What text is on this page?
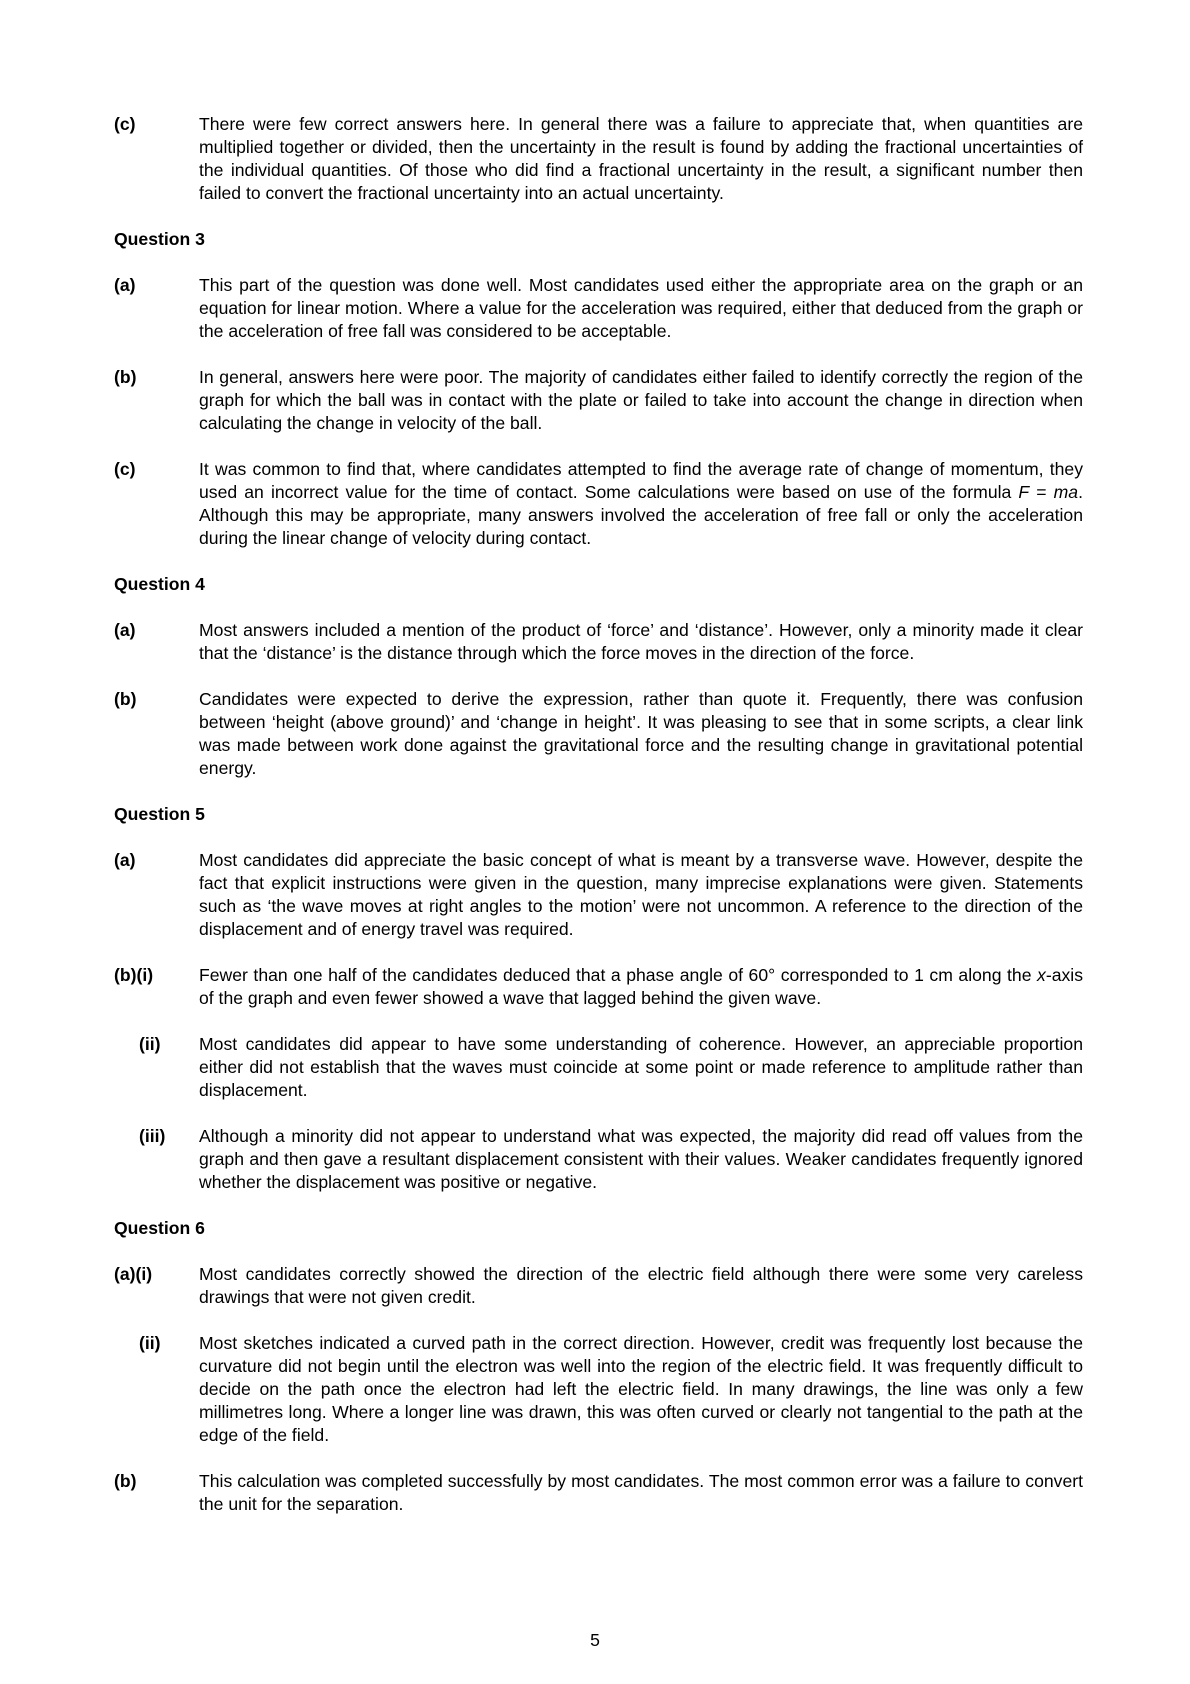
(c)	There were few correct answers here. In general there was a failure to appreciate that, when quantities are multiplied together or divided, then the uncertainty in the result is found by adding the fractional uncertainties of the individual quantities. Of those who did find a fractional uncertainty in the result, a significant number then failed to convert the fractional uncertainty into an actual uncertainty.
Question 3
(a)	This part of the question was done well. Most candidates used either the appropriate area on the graph or an equation for linear motion. Where a value for the acceleration was required, either that deduced from the graph or the acceleration of free fall was considered to be acceptable.
(b)	In general, answers here were poor. The majority of candidates either failed to identify correctly the region of the graph for which the ball was in contact with the plate or failed to take into account the change in direction when calculating the change in velocity of the ball.
(c)	It was common to find that, where candidates attempted to find the average rate of change of momentum, they used an incorrect value for the time of contact. Some calculations were based on use of the formula F = ma. Although this may be appropriate, many answers involved the acceleration of free fall or only the acceleration during the linear change of velocity during contact.
Question 4
(a)	Most answers included a mention of the product of ‘force’ and ‘distance’. However, only a minority made it clear that the ‘distance’ is the distance through which the force moves in the direction of the force.
(b)	Candidates were expected to derive the expression, rather than quote it. Frequently, there was confusion between ‘height (above ground)’ and ‘change in height’. It was pleasing to see that in some scripts, a clear link was made between work done against the gravitational force and the resulting change in gravitational potential energy.
Question 5
(a)	Most candidates did appreciate the basic concept of what is meant by a transverse wave. However, despite the fact that explicit instructions were given in the question, many imprecise explanations were given. Statements such as ‘the wave moves at right angles to the motion’ were not uncommon. A reference to the direction of the displacement and of energy travel was required.
(b)(i)	Fewer than one half of the candidates deduced that a phase angle of 60° corresponded to 1 cm along the x-axis of the graph and even fewer showed a wave that lagged behind the given wave.
(ii)	Most candidates did appear to have some understanding of coherence. However, an appreciable proportion either did not establish that the waves must coincide at some point or made reference to amplitude rather than displacement.
(iii)	Although a minority did not appear to understand what was expected, the majority did read off values from the graph and then gave a resultant displacement consistent with their values. Weaker candidates frequently ignored whether the displacement was positive or negative.
Question 6
(a)(i)	Most candidates correctly showed the direction of the electric field although there were some very careless drawings that were not given credit.
(ii)	Most sketches indicated a curved path in the correct direction. However, credit was frequently lost because the curvature did not begin until the electron was well into the region of the electric field. It was frequently difficult to decide on the path once the electron had left the electric field. In many drawings, the line was only a few millimetres long. Where a longer line was drawn, this was often curved or clearly not tangential to the path at the edge of the field.
(b)	This calculation was completed successfully by most candidates. The most common error was a failure to convert the unit for the separation.
5
